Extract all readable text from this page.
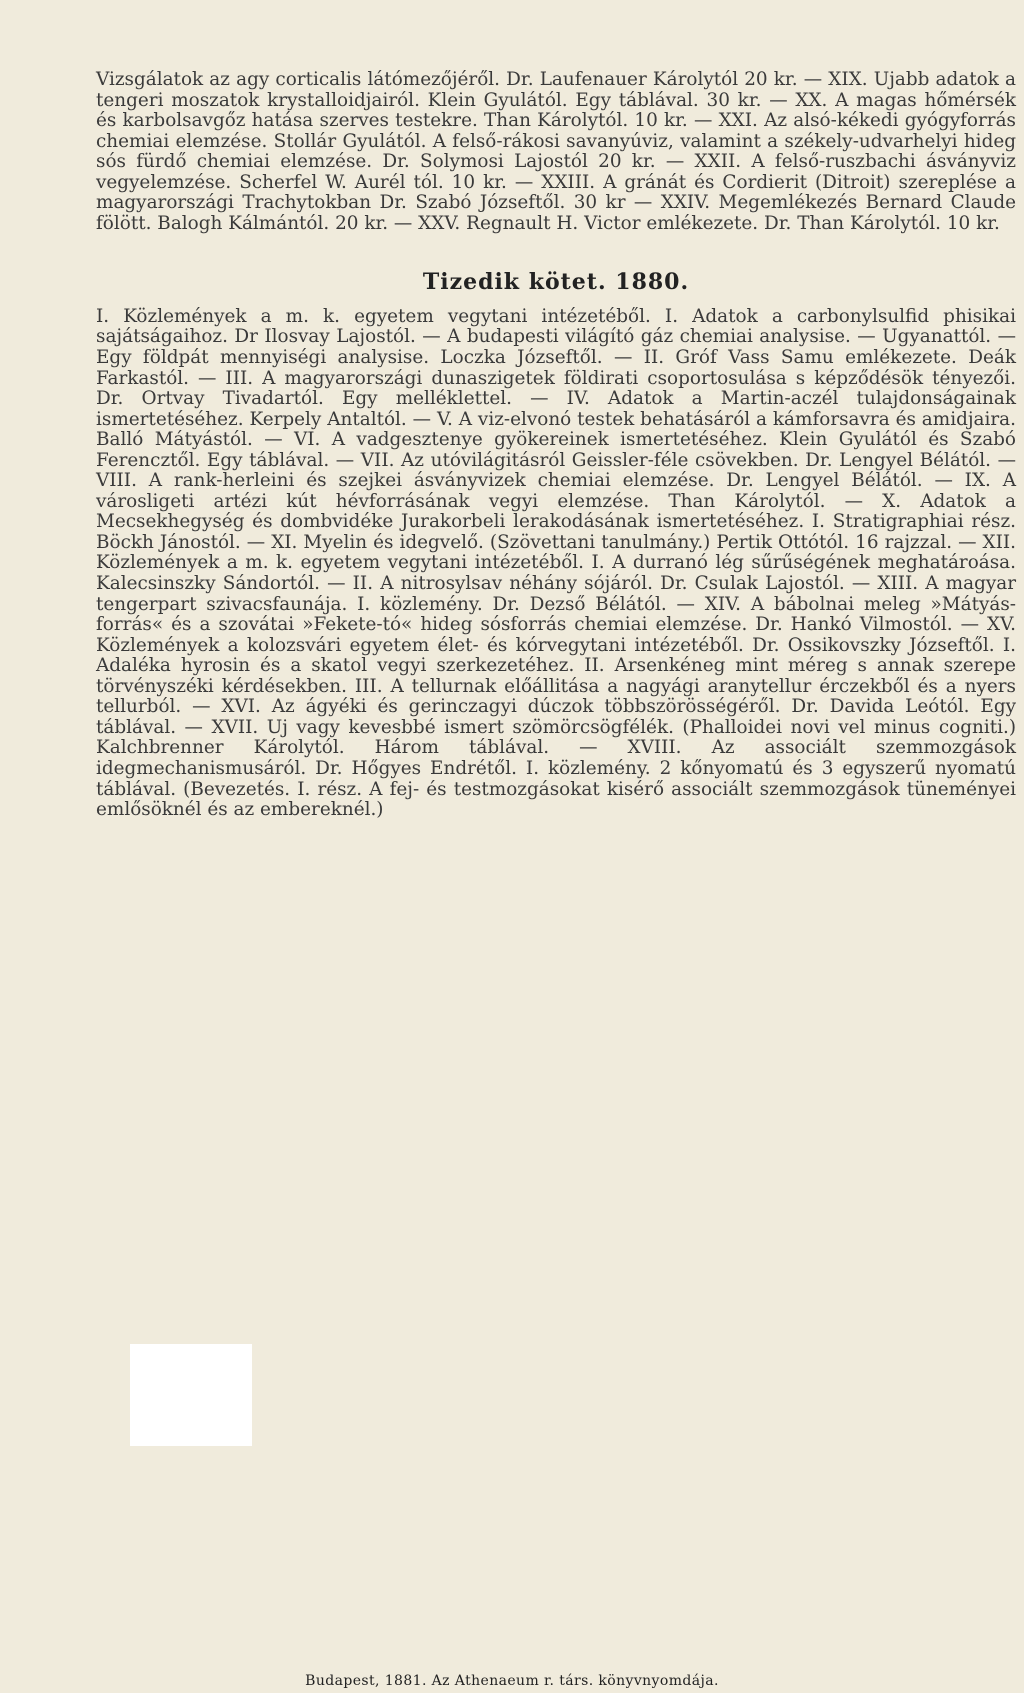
Vizsgálatok az agy corticalis látómezőjéről. Dr. Laufenauer Károlytól 20 kr. — XIX. Ujabb adatok a tengeri moszatok krystalloidjairól. Klein Gyulától. Egy táblával. 30 kr. — XX. A magas hőmérsék és karbolsavgőz hatása szerves testekre. Than Károlytól. 10 kr. — XXI. Az alsó-kékedi gyógyforrás chemiai elemzése. Stollár Gyulától. A felső-rákosi savanyúviz, valamint a székely-udvarhelyi hideg sós fürdő chemiai elemzése. Dr. Solymosi Lajostól 20 kr. — XXII. A felső-ruszbachi ásványviz vegyelemzése. Scherfel W. Aurél tól. 10 kr. — XXIII. A gránát és Cordierit (Ditroit) szereplése a magyarországi Trachytokban Dr. Szabó Józseftől. 30 kr — XXIV. Megemlékezés Bernard Claude fölött. Balogh Kálmántól. 20 kr. — XXV. Regnault H. Victor emlékezete. Dr. Than Károlytól. 10 kr.

Tizedik kötet. 1880.

I. Közlemények a m. k. egyetem vegytani intézetéből. I. Adatok a carbonylsulfid phisikai sajátságaihoz. Dr Ilosvay Lajostól. — A budapesti világító gáz chemiai analysise. — Ugyanattól. — Egy földpát mennyiségi analysise. Loczka Józseftől. — II. Gróf Vass Samu emlékezete. Deák Farkastól. — III. A magyarországi dunaszigetek földirati csoportosulása s képződésök tényezői. Dr. Ortvay Tivadartól. Egy melléklettel. — IV. Adatok a Martin-aczél tulajdonságainak ismertetéséhez. Kerpely Antaltól. — V. A viz-elvonó testek behatásáról a kámforsavra és amidjaira. Balló Mátyástól. — VI. A vadgesztenye gyökereinek ismertetéséhez. Klein Gyulától és Szabó Ferencztől. Egy táblával. — VII. Az utóvilágitásról Geissler-féle csövekben. Dr. Lengyel Bélától. — VIII. A rank-herleini és szejkei ásványvizek chemiai elemzése. Dr. Lengyel Bélától. — IX. A városligeti artézi kút hévforrásának vegyi elemzése. Than Károlytól. — X. Adatok a Mecsekhegység és dombvidéke Jurakorbeli lerakodásának ismertetéséhez. I. Stratigraphiai rész. Böckh Jánostól. — XI. Myelin és idegvelő. (Szövettani tanulmány.) Pertik Ottótól. 16 rajzzal. — XII. Közlemények a m. k. egyetem vegytani intézetéből. I. A durranó lég sűrűségének meghatároása. Kalecsinszky Sándortól. — II. A nitrosylsav néhány sójáról. Dr. Csulak Lajostól. — XIII. A magyar tengerpart szivacsfaunája. I. közlemény. Dr. Dezső Bélától. — XIV. A bábolnai meleg »Mátyás-forrás« és a szovátai »Fekete-tó« hideg sósforrás chemiai elemzése. Dr. Hankó Vilmostól. — XV. Közlemények a kolozsvári egyetem élet- és kórvegytani intézetéből. Dr. Ossikovszky Józseftől. I. Adaléka hyrosin és a skatol vegyi szerkezetéhez. II. Arsenkéneg mint méreg s annak szerepe törvényszéki kérdésekben. III. A tellurnak előállitása a nagyági aranytellur érczekből és a nyers tellurból. — XVI. Az ágyéki és gerinczagyi dúczok többszörösségéről. Dr. Davida Leótól. Egy táblával. — XVII. Uj vagy kevesbbé ismert szömörcsögfélék. (Phalloidei novi vel minus cogniti.) Kalchbrenner Károlytól. Három táblával. — XVIII. Az associált szemmozgások idegmechanismusáról. Dr. Hőgyes Endrétől. I. közlemény. 2 kőnyomatú és 3 egyszerű nyomatú táblával. (Bevezetés. I. rész. A fej- és testmozgásokat kisérő associált szemmozgások tüneményei emlősöknél és az embereknél.)

Budapest, 1881. Az Athenaeum r. társ. könyvnyomdája.
